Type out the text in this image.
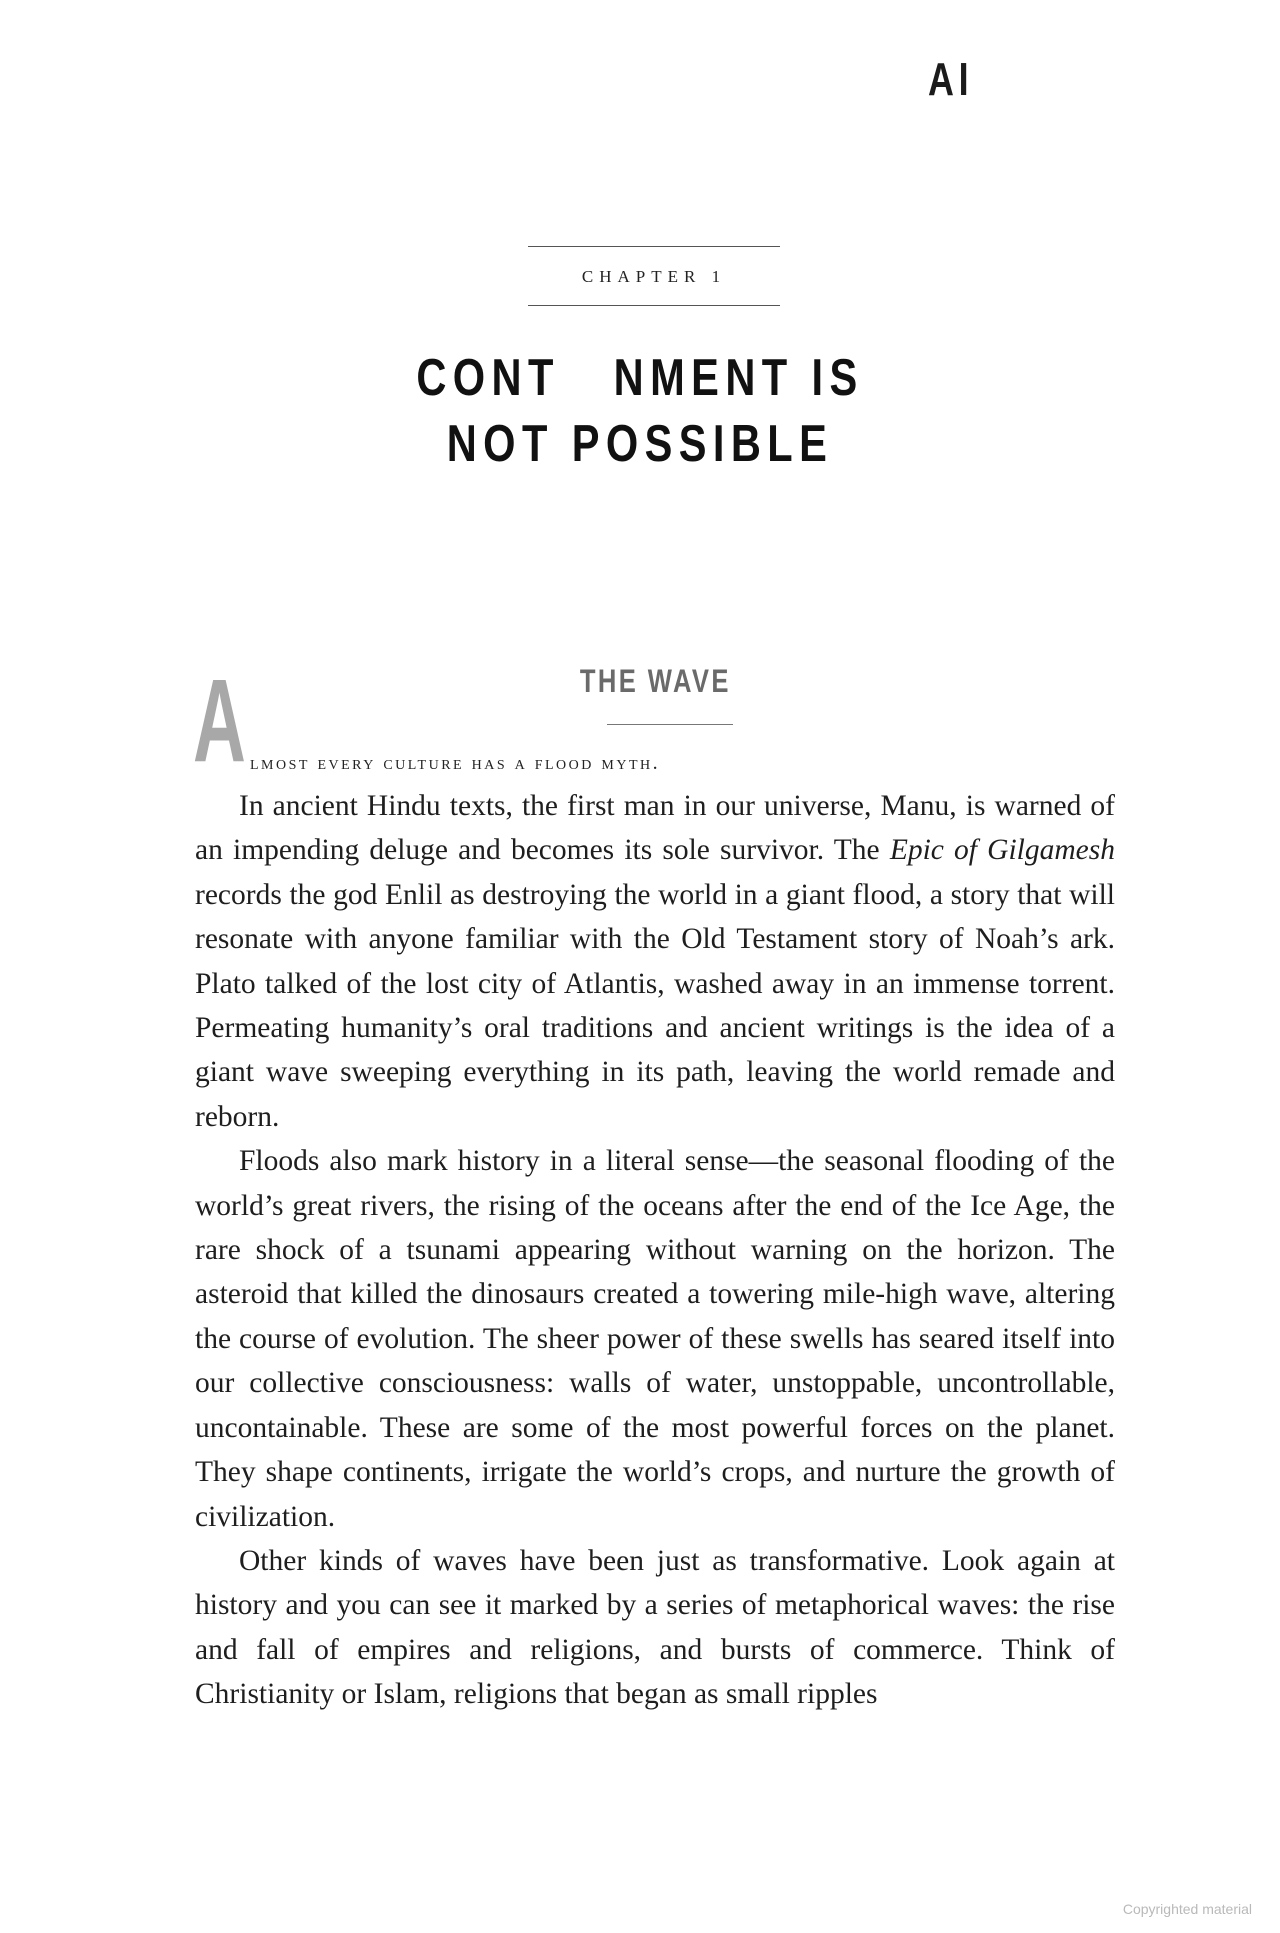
AI
CHAPTER 1
CONT   NMENT IS
NOT POSSIBLE
THE WAVE
A lmost every culture has a flood myth.

In ancient Hindu texts, the first man in our universe, Manu, is warned of an impending deluge and becomes its sole survivor. The Epic of Gilgamesh records the god Enlil as destroying the world in a giant flood, a story that will resonate with anyone familiar with the Old Testament story of Noah’s ark. Plato talked of the lost city of Atlantis, washed away in an immense torrent. Permeating humanity’s oral traditions and ancient writings is the idea of a giant wave sweeping everything in its path, leaving the world remade and reborn.

Floods also mark history in a literal sense—the seasonal flooding of the world’s great rivers, the rising of the oceans after the end of the Ice Age, the rare shock of a tsunami appearing without warning on the horizon. The asteroid that killed the dinosaurs created a towering mile-high wave, altering the course of evolution. The sheer power of these swells has seared itself into our collective consciousness: walls of water, unstoppable, uncontrollable, uncontainable. These are some of the most powerful forces on the planet. They shape continents, irrigate the world’s crops, and nurture the growth of civilization.

Other kinds of waves have been just as transformative. Look again at history and you can see it marked by a series of metaphorical waves: the rise and fall of empires and religions, and bursts of commerce. Think of Christianity or Islam, religions that began as small ripples

Copyrighted material
